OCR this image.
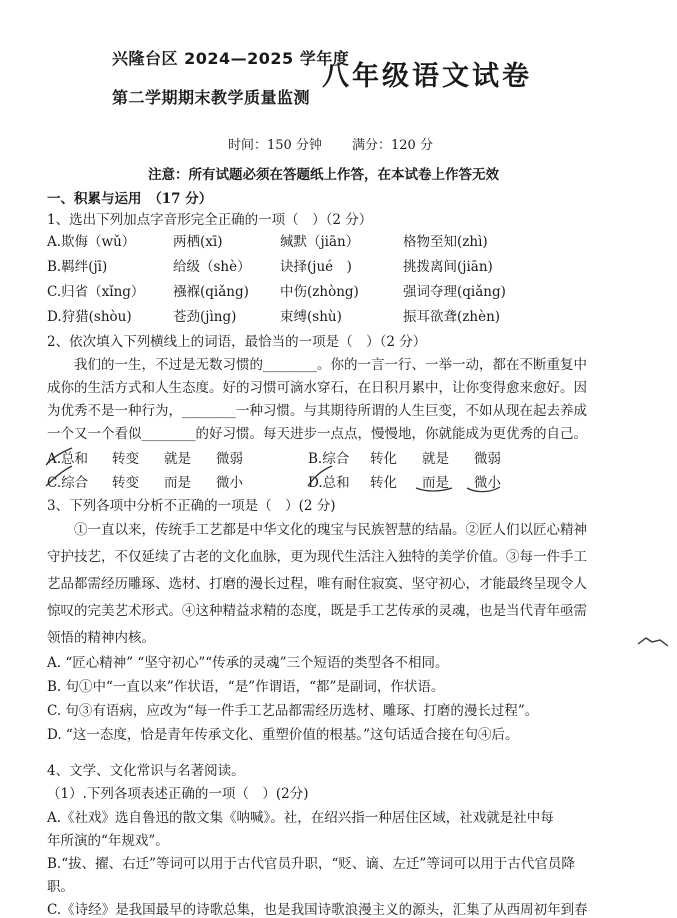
兴隆台区 2024—2025 学年度
第二学期期末教学质量监测
八年级语文试卷
时间：150 分钟 满分：120 分
注意：所有试题必须在答题纸上作答，在本试卷上作答无效
一、积累与运用　（17 分）
1、选出下列加点字音形完全正确的一项（　）（2 分）
A.欺侮（wǔ）	两栖(xī)	缄默（jiān）	格物至知(zhì)
B.羁绊(jī)	给级（shè）	诀择(jué　)	挑拨离间(jiān)
C.归省（xǐng）	襁褓(qiǎng)	中伤(zhòng)	强词夺理(qiǎng)
D.狩猎(shòu)	苍劲(jìng)	束缚(shù)	振耳欲聋(zhèn)
2、依次填入下列横线上的词语，最恰当的一项是（　）（2 分）
　　我们的一生，不过是无数习惯的________。你的一言一行、一举一动，都在不断重复中
成你的生活方式和人生态度。好的习惯可滴水穿石，在日积月累中，让你变得愈来愈好。因
为优秀不是一种行为，________一种习惯。与其期待所谓的人生巨变，不如从现在起去养成
一个又一个看似________的好习惯。每天进步一点点，慢慢地，你就能成为更优秀的自己。
A.总和	转变	就是	微弱	B.综合	转化	就是	微弱
C.综合	转变	而是	微小	D.总和	转化	而是	微小
3、下列各项中分析不正确的一项是（　）(2 分)
　　①一直以来，传统手工艺都是中华文化的瑰宝与民族智慧的结晶。②匠人们以匠心精神
守护技艺，不仅延续了古老的文化血脉，更为现代生活注入独特的美学价值。③每一件手工
艺品都需经历雕琢、选材、打磨的漫长过程，唯有耐住寂寞、坚守初心，才能最终呈现令人
惊叹的完美艺术形式。④这种精益求精的态度，既是手工艺传承的灵魂，也是当代青年亟需
领悟的精神内核。
A. “匠心精神” “坚守初心”“传承的灵魂”三个短语的类型各不相同。
B. 句①中“一直以来”作状语，“是”作谓语，“都”是副词，作状语。
C. 句③有语病，应改为“每一件手工艺品都需经历选材、雕琢、打磨的漫长过程”。
D. “这一态度，恰是青年传承文化、重塑价值的根基。”这句话适合接在句④后。
4、文学、文化常识与名著阅读。
（1）.下列各项表述正确的一项（　）(2分)
A.《社戏》选自鲁迅的散文集《呐喊》。社，在绍兴指一种居住区域，社戏就是社中每
年所演的“年规戏”。
B.“拔、擢、右迁”等词可以用于古代官员升职，“贬、谪、左迁”等词可以用于古代官员降
职。
C.《诗经》是我国最早的诗歌总集，也是我国诗歌浪漫主义的源头，汇集了从西周初年到春
